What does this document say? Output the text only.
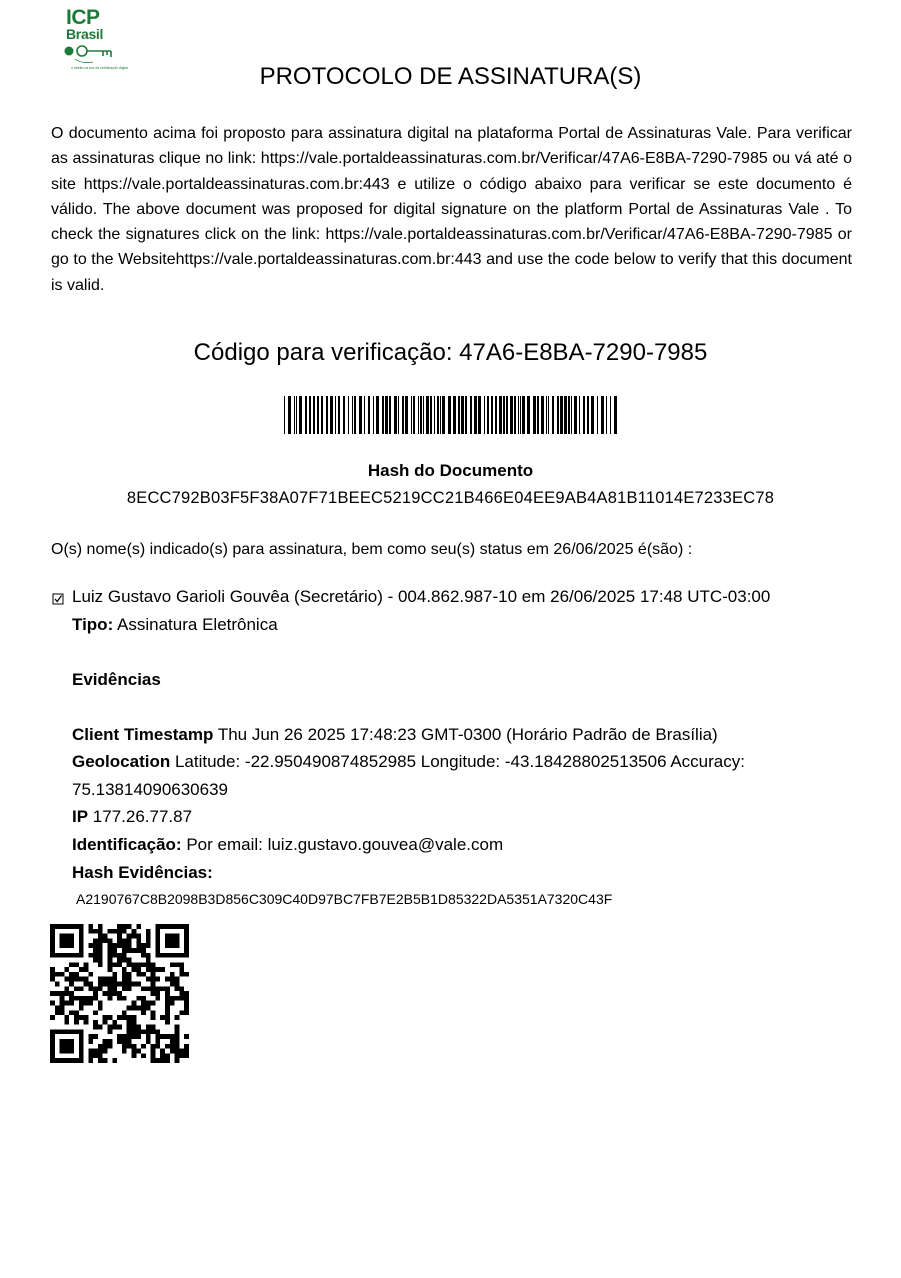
ICP
Brasil
o direito na era da certificação digital	PROTOCOLO DE ASSINATURA(S)

O documento acima foi proposto para assinatura digital na plataforma Portal de Assinaturas Vale. Para verificar as assinaturas clique no link: https://vale.portaldeassinaturas.com.br/Verificar/47A6-E8BA-7290-7985 ou vá até o site https://vale.portaldeassinaturas.com.br:443 e utilize o código abaixo para verificar se este documento é válido. The above document was proposed for digital signature on the platform Portal de Assinaturas Vale . To check the signatures click on the link: https://vale.portaldeassinaturas.com.br/Verificar/47A6-E8BA-7290-7985 or go to the Websitehttps://vale.portaldeassinaturas.com.br:443 and use the code below to verify that this document is valid.

Código para verificação: 47A6-E8BA-7290-7985
Hash do Documento
8ECC792B03F5F38A07F71BEEC5219CC21B466E04EE9AB4A81B11014E7233EC78
O(s) nome(s) indicado(s) para assinatura, bem como seu(s) status em 26/06/2025 é(são) :
Luiz Gustavo Garioli Gouvêa (Secretário) - 004.862.987-10 em 26/06/2025 17:48 UTC-03:00
Tipo: Assinatura Eletrônica
Evidências
Client Timestamp Thu Jun 26 2025 17:48:23 GMT-0300 (Horário Padrão de Brasília)
Geolocation Latitude: -22.950490874852985 Longitude: -43.18428802513506 Accuracy:
75.13814090630639
IP 177.26.77.87
Identificação: Por email: luiz.gustavo.gouvea@vale.com
Hash Evidências:
A2190767C8B2098B3D856C309C40D97BC7FB7E2B5B1D85322DA5351A7320C43F
